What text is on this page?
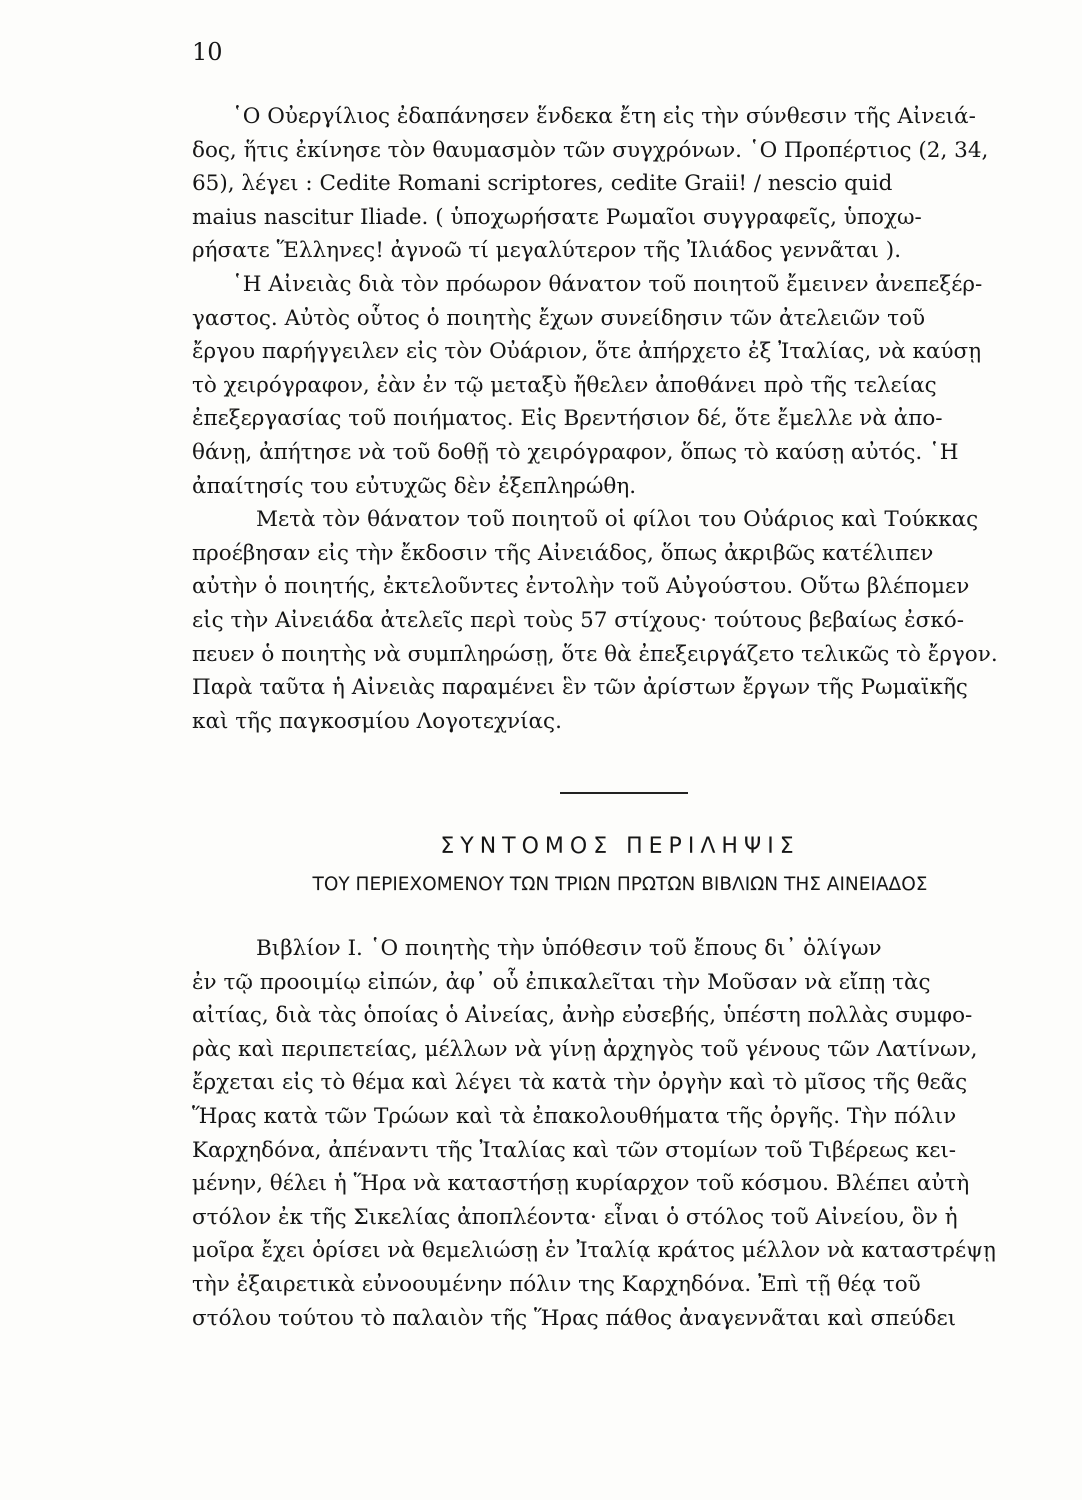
10
῾Ο Οὐεργίλιος ἐδαπάνησεν ἕνδεκα ἔτη εἰς τὴν σύνθεσιν τῆς Αἰνειά-
δος, ἥτις ἐκίνησε τὸν θαυμασμὸν τῶν συγχρόνων. ῾Ο Προπέρτιος (2, 34,
65), λέγει : Cedite Romani scriptores, cedite Graii! / nescio quid
maius nascitur Iliade. ( ὑποχωρήσατε Ρωμαῖοι συγγραφεῖς, ὑποχω-
ρήσατε Ἕλληνες! ἀγνοῶ τί μεγαλύτερον τῆς Ἰλιάδος γεννᾶται ).
῾Η Αἰνειὰς διὰ τὸν πρόωρον θάνατον τοῦ ποιητοῦ ἔμεινεν ἀνεπεξέρ-
γαστος. Αὐτὸς οὗτος ὁ ποιητὴς ἔχων συνείδησιν τῶν ἀτελειῶν τοῦ
ἔργου παρήγγειλεν εἰς τὸν Οὐάριον, ὅτε ἀπήρχετο ἐξ Ἰταλίας, νὰ καύσῃ
τὸ χειρόγραφον, ἐὰν ἐν τῷ μεταξὺ ἤθελεν ἀποθάνει πρὸ τῆς τελείας
ἐπεξεργασίας τοῦ ποιήματος. Εἰς Βρεντήσιον δέ, ὅτε ἔμελλε νὰ ἀπο-
θάνῃ, ἀπήτησε νὰ τοῦ δοθῇ τὸ χειρόγραφον, ὅπως τὸ καύσῃ αὐτός. ῾Η
ἀπαίτησίς του εὐτυχῶς δὲν ἐξεπληρώθη.
Μετὰ τὸν θάνατον τοῦ ποιητοῦ οἱ φίλοι του Οὐάριος καὶ Τούκκας
προέβησαν εἰς τὴν ἔκδοσιν τῆς Αἰνειάδος, ὅπως ἀκριβῶς κατέλιπεν
αὐτὴν ὁ ποιητής, ἐκτελοῦντες ἐντολὴν τοῦ Αὐγούστου. Οὕτω βλέπομεν
εἰς τὴν Αἰνειάδα ἀτελεῖς περὶ τοὺς 57 στίχους· τούτους βεβαίως ἐσκό-
πευεν ὁ ποιητὴς νὰ συμπληρώσῃ, ὅτε θὰ ἐπεξειργάζετο τελικῶς τὸ ἔργον.
Παρὰ ταῦτα ἡ Αἰνειὰς παραμένει ἓν τῶν ἀρίστων ἔργων τῆς Ρωμαϊκῆς
καὶ τῆς παγκοσμίου Λογοτεχνίας.
ΣΥΝΤΟΜΟΣ ΠΕΡΙΛΗΨΙΣ
ΤΟΥ ΠΕΡΙΕΧΟΜΕΝΟΥ ΤΩΝ ΤΡΙΩΝ ΠΡΩΤΩΝ ΒΙΒΛΙΩΝ ΤΗΣ ΑΙΝΕΙΑΔΟΣ
Βιβλίον Ι. ῾Ο ποιητὴς τὴν ὑπόθεσιν τοῦ ἔπους δι᾽ ὀλίγων
ἐν τῷ προοιμίῳ εἰπών, ἀφ᾽ οὗ ἐπικαλεῖται τὴν Μοῦσαν νὰ εἴπῃ τὰς
αἰτίας, διὰ τὰς ὁποίας ὁ Αἰνείας, ἀνὴρ εὐσεβής, ὑπέστη πολλὰς συμφο-
ρὰς καὶ περιπετείας, μέλλων νὰ γίνῃ ἀρχηγὸς τοῦ γένους τῶν Λατίνων,
ἔρχεται εἰς τὸ θέμα καὶ λέγει τὰ κατὰ τὴν ὀργὴν καὶ τὸ μῖσος τῆς θεᾶς
Ἥρας κατὰ τῶν Τρώων καὶ τὰ ἐπακολουθήματα τῆς ὀργῆς. Τὴν πόλιν
Καρχηδόνα, ἀπέναντι τῆς Ἰταλίας καὶ τῶν στομίων τοῦ Τιβέρεως κει-
μένην, θέλει ἡ Ἥρα νὰ καταστήσῃ κυρίαρχον τοῦ κόσμου. Βλέπει αὐτὴ
στόλον ἐκ τῆς Σικελίας ἀποπλέοντα· εἶναι ὁ στόλος τοῦ Αἰνείου, ὃν ἡ
μοῖρα ἔχει ὁρίσει νὰ θεμελιώσῃ ἐν Ἰταλίᾳ κράτος μέλλον νὰ καταστρέψῃ
τὴν ἐξαιρετικὰ εὐνοουμένην πόλιν της Καρχηδόνα. Ἐπὶ τῇ θέᾳ τοῦ
στόλου τούτου τὸ παλαιὸν τῆς Ἥρας πάθος ἀναγεννᾶται καὶ σπεύδει
